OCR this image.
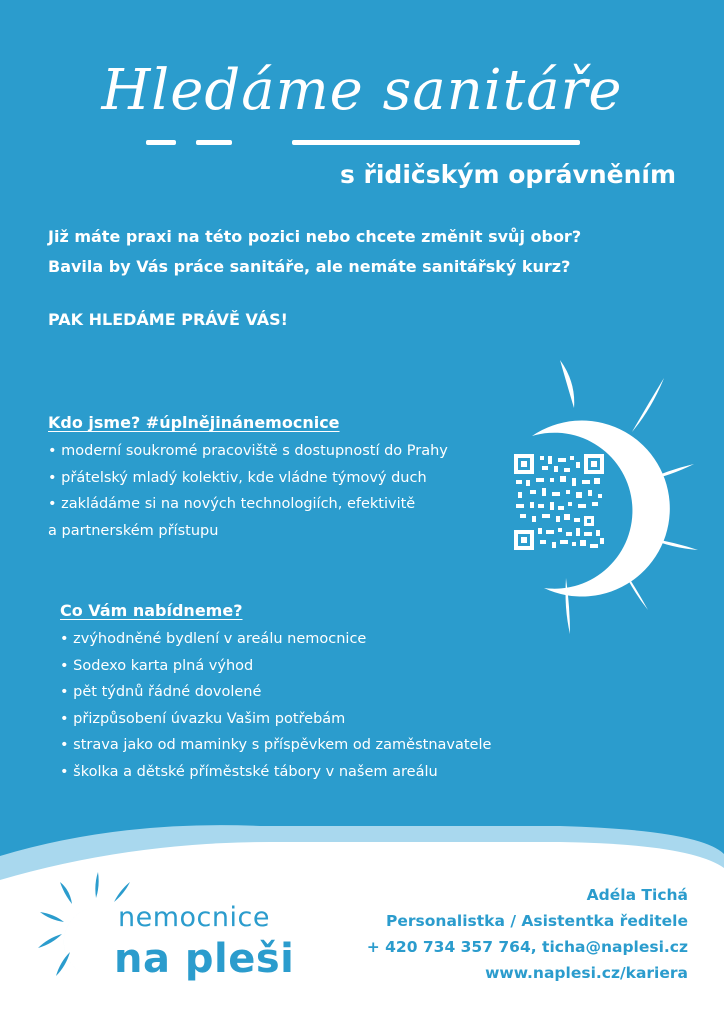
Hledáme sanitáře
s řidičským oprávněním
Již máte praxi na této pozici nebo chcete změnit svůj obor?
Bavila by Vás práce sanitáře, ale nemáte sanitářský kurz?
PAK HLEDÁME PRÁVĚ VÁS!
Kdo jsme? #úplnějinánemocnice
• moderní soukromé pracoviště s dostupností do Prahy
• přátelský mladý kolektiv, kde vládne týmový duch
• zakládáme si na nových technologiích, efektivitě
a partnerském přístupu
Co Vám nabídneme?
• zvýhodněné bydlení v areálu nemocnice
• Sodexo karta plná výhod
• pět týdnů řádné dovolené
• přizpůsobení úvazku Vašim potřebám
• strava jako od maminky s příspěvkem od zaměstnavatele
• školka a dětské příměstské tábory v našem areálu
nemocnice
na pleši
Adéla Tichá
Personalistka / Asistentka ředitele
+ 420 734 357 764, ticha@naplesi.cz
www.naplesi.cz/kariera
